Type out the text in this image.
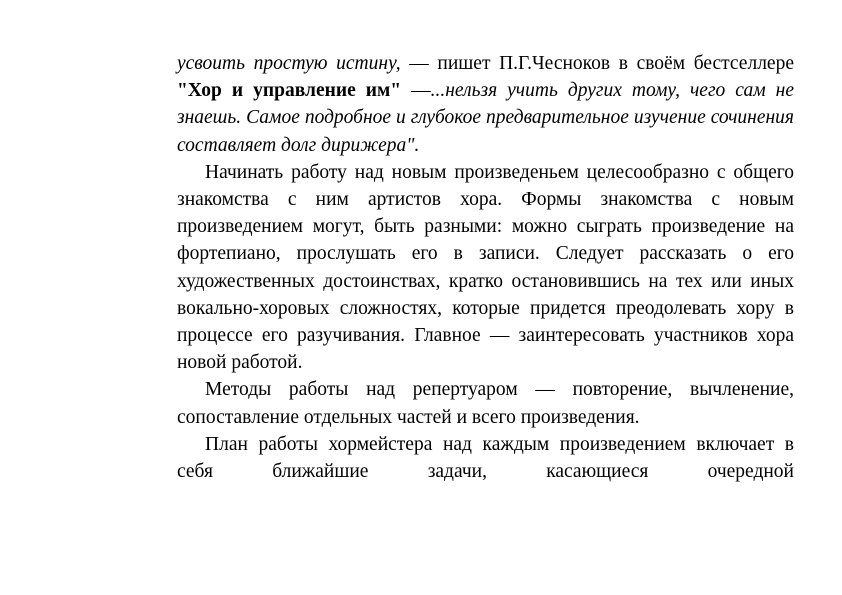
усвоить простую истину, — пишет П.Г.Чесноков в своём бестселлере "Хор и управление им" —...нельзя учить других тому, чего сам не знаешь. Самое подробное и глубокое предварительное изучение сочинения составляет долг дирижера".

Начинать работу над новым произведеньем целесообразно с общего знакомства с ним артистов хора. Формы знакомства с новым произведением могут, быть разными: можно сыграть произведение на фортепиано, прослушать его в записи. Следует рассказать о его художественных достоинствах, кратко остановившись на тех или иных вокально-хоровых сложностях, которые придется преодолевать хору в процессе его разучивания. Главное — заинтересовать участников хора новой работой.

Методы работы над репертуаром — повторение, вычленение, сопоставление отдельных частей и всего произведения.

План работы хормейстера над каждым произведением включает в себя ближайшие задачи, касающиеся очередной
